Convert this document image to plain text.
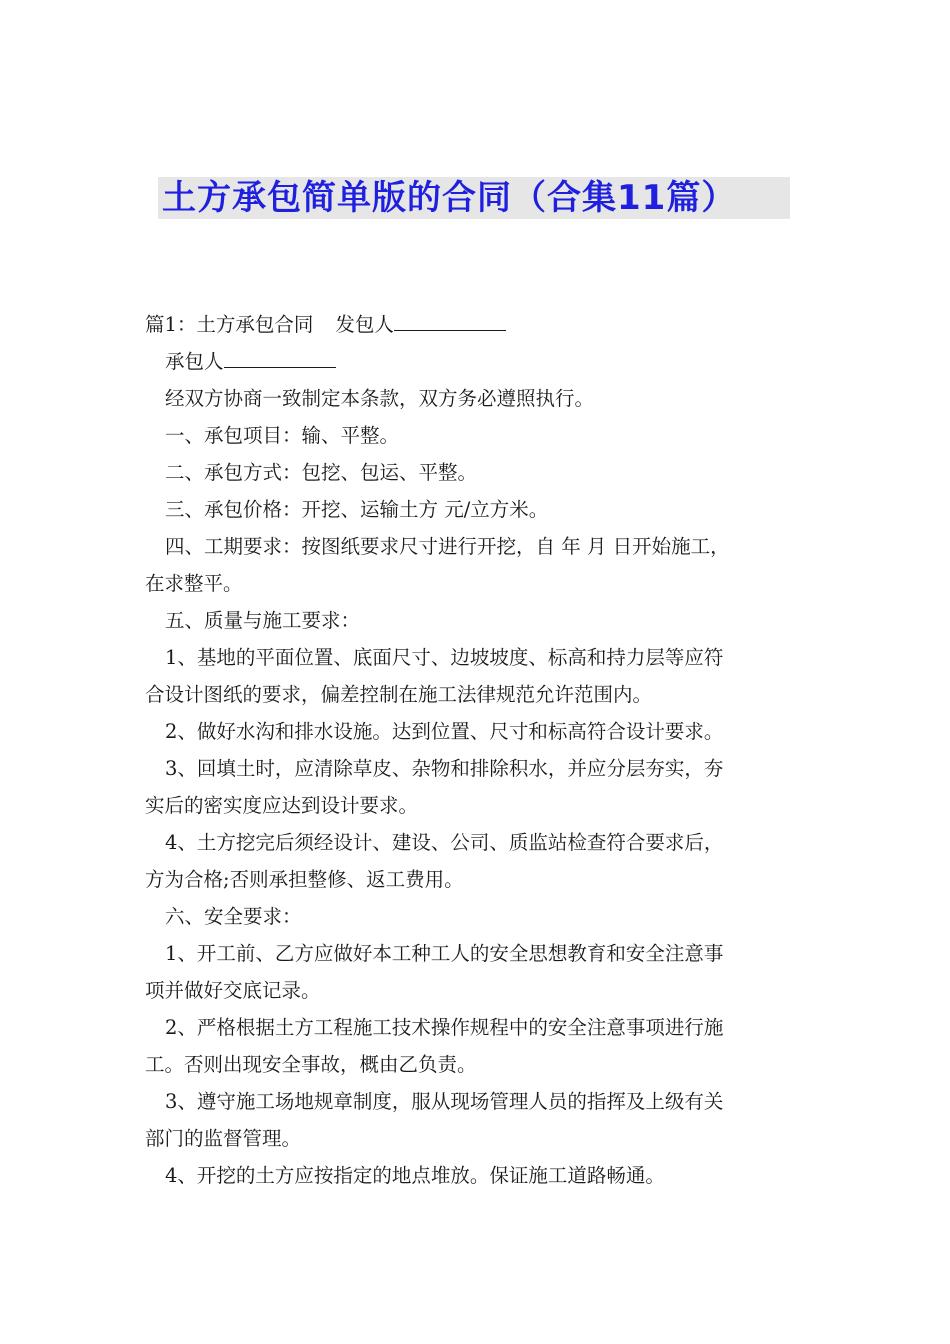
土方承包简单版的合同（合集11篇）

篇1：土方承包合同 发包人

承包人

经双方协商一致制定本条款，双方务必遵照执行。

一、承包项目：输、平整。

二、承包方式：包挖、包运、平整。

三、承包价格：开挖、运输土方 元/立方米。

四、工期要求：按图纸要求尺寸进行开挖，自 年 月 日开始施工，

在求整平。

五、质量与施工要求：

1、基地的平面位置、底面尺寸、边坡坡度、标高和持力层等应符

合设计图纸的要求，偏差控制在施工法律规范允许范围内。

2、做好水沟和排水设施。达到位置、尺寸和标高符合设计要求。

3、回填土时，应清除草皮、杂物和排除积水，并应分层夯实，夯

实后的密实度应达到设计要求。

4、土方挖完后须经设计、建设、公司、质监站检查符合要求后，

方为合格;否则承担整修、返工费用。

六、安全要求：

1、开工前、乙方应做好本工种工人的安全思想教育和安全注意事

项并做好交底记录。

2、严格根据土方工程施工技术操作规程中的安全注意事项进行施

工。否则出现安全事故，概由乙负责。

3、遵守施工场地规章制度，服从现场管理人员的指挥及上级有关

部门的监督管理。

4、开挖的土方应按指定的地点堆放。保证施工道路畅通。
